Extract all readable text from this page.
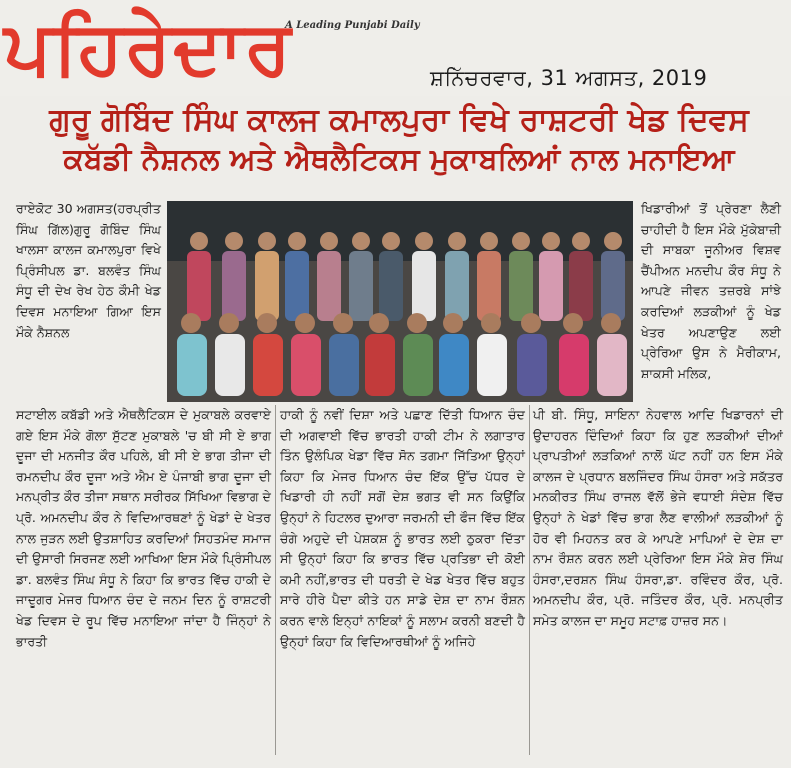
ਪਹਿਰੇਦਾਰ
A Leading Punjabi Daily
ਸ਼ਨਿੱਚਰਵਾਰ, 31 ਅਗਸਤ, 2019
ਗੁਰੂ ਗੋਬਿੰਦ ਸਿੰਘ ਕਾਲਜ ਕਮਾਲਪੁਰਾ ਵਿਖੇ ਰਾਸ਼ਟਰੀ ਖੇਡ ਦਿਵਸ
ਕਬੱਡੀ ਨੈਸ਼ਨਲ ਅਤੇ ਐਥਲੈਟਿਕਸ ਮੁਕਾਬਲਿਆਂ ਨਾਲ ਮਨਾਇਆ

ਰਾਏਕੋਟ 30 ਅਗਸਤ(ਹਰਪ੍ਰੀਤ ਸਿੰਘ ਗਿੱਲ)ਗੁਰੂ ਗੋਬਿੰਦ ਸਿੰਘ ਖਾਲਸਾ ਕਾਲਜ ਕਮਾਲਪੁਰਾ ਵਿਖੇ ਪ੍ਰਿੰਸੀਪਲ ਡਾ. ਬਲਵੰਤ ਸਿੰਘ ਸੰਧੂ ਦੀ ਦੇਖ ਰੇਖ ਹੇਠ ਕੌਮੀ ਖੇਡ ਦਿਵਸ ਮਨਾਇਆ ਗਿਆ ਇਸ ਮੌਕੇ ਨੈਸ਼ਨਲ

ਸਟਾਈਲ ਕਬੱਡੀ ਅਤੇ ਐਥਲੈਟਿਕਸ ਦੇ ਮੁਕਾਬਲੇ ਕਰਵਾਏ ਗਏ ਇਸ ਮੌਕੇ ਗੋਲਾ ਸੁੱਟਣ ਮੁਕਾਬਲੇ 'ਚ ਬੀ ਸੀ ਏ ਭਾਗ ਦੂਜਾ ਦੀ ਮਨਜੀਤ ਕੌਰ ਪਹਿਲੇ, ਬੀ ਸੀ ਏ ਭਾਗ ਤੀਜਾ ਦੀ ਰਮਨਦੀਪ ਕੌਰ ਦੂਜਾ ਅਤੇ ਐਮ ਏ ਪੰਜਾਬੀ ਭਾਗ ਦੂਜਾ ਦੀ ਮਨਪ੍ਰੀਤ ਕੌਰ ਤੀਜਾ ਸਥਾਨ ਸਰੀਰਕ ਸਿੱਖਿਆ ਵਿਭਾਗ ਦੇ ਪ੍ਰੋ. ਅਮਨਦੀਪ ਕੌਰ ਨੇ ਵਿਦਿਆਰਥਣਾਂ ਨੂੰ ਖੇਡਾਂ ਦੇ ਖੇਤਰ ਨਾਲ ਜੁੜਨ ਲਈ ਉਤਸ਼ਾਹਿਤ ਕਰਦਿਆਂ ਸਿਹਤਮੰਦ ਸਮਾਜ ਦੀ ਉਸਾਰੀ ਸਿਰਜਣ ਲਈ ਆਖਿਆ ਇਸ ਮੌਕੇ ਪ੍ਰਿੰਸੀਪਲ ਡਾ. ਬਲਵੰਤ ਸਿੰਘ ਸੰਧੂ ਨੇ ਕਿਹਾ ਕਿ ਭਾਰਤ ਵਿੱਚ ਹਾਕੀ ਦੇ ਜਾਦੂਗਰ ਮੇਜਰ ਧਿਆਨ ਚੰਦ ਦੇ ਜਨਮ ਦਿਨ ਨੂੰ ਰਾਸ਼ਟਰੀ ਖੇਡ ਦਿਵਸ ਦੇ ਰੂਪ ਵਿੱਚ ਮਨਾਇਆ ਜਾਂਦਾ ਹੈ ਜਿੰਨ੍ਹਾਂ ਨੇ ਭਾਰਤੀ

ਹਾਕੀ ਨੂੰ ਨਵੀਂ ਦਿਸ਼ਾ ਅਤੇ ਪਛਾਣ ਦਿੱਤੀ ਧਿਆਨ ਚੰਦ ਦੀ ਅਗਵਾਈ ਵਿੱਚ ਭਾਰਤੀ ਹਾਕੀ ਟੀਮ ਨੇ ਲਗਾਤਾਰ ਤਿੰਨ ਉਲੰਪਿਕ ਖੇਡਾ ਵਿੱਚ ਸੋਨ ਤਗਮਾ ਜਿੱਤਿਆ ਉਨ੍ਹਾਂ ਕਿਹਾ ਕਿ ਮੇਜਰ ਧਿਆਨ ਚੰਦ ਇੱਕ ਉੱਚ ਪੱਧਰ ਦੇ ਖਿਡਾਰੀ ਹੀ ਨਹੀਂ ਸਗੋਂ ਦੇਸ਼ ਭਗਤ ਵੀ ਸਨ ਕਿਉਂਕਿ ਉਨ੍ਹਾਂ ਨੇ ਹਿਟਲਰ ਦੁਆਰਾ ਜਰਮਨੀ ਦੀ ਫੌਜ ਵਿੱਚ ਇੱਕ ਚੰਗੇ ਅਹੁਦੇ ਦੀ ਪੇਸ਼ਕਸ਼ ਨੂੰ ਭਾਰਤ ਲਈ ਠੁਕਰਾ ਦਿੱਤਾ ਸੀ ਉਨ੍ਹਾਂ ਕਿਹਾ ਕਿ ਭਾਰਤ ਵਿੱਚ ਪ੍ਰਤਿਭਾ ਦੀ ਕੋਈ ਕਮੀ ਨਹੀਂ,ਭਾਰਤ ਦੀ ਧਰਤੀ ਦੇ ਖੇਡ ਖੇਤਰ ਵਿੱਚ ਬਹੁਤ ਸਾਰੇ ਹੀਰੇ ਪੈਦਾ ਕੀਤੇ ਹਨ ਸਾਡੇ ਦੇਸ਼ ਦਾ ਨਾਮ ਰੌਸ਼ਨ ਕਰਨ ਵਾਲੇ ਇਨ੍ਹਾਂ ਨਾਇਕਾਂ ਨੂੰ ਸਲਾਮ ਕਰਨੀ ਬਣਦੀ ਹੈ ਉਨ੍ਹਾਂ ਕਿਹਾ ਕਿ ਵਿਦਿਆਰਥੀਆਂ ਨੂੰ ਅਜਿਹੇ

ਖਿਡਾਰੀਆਂ ਤੋਂ ਪ੍ਰੇਰਣਾ ਲੈਣੀ ਚਾਹੀਦੀ ਹੈ ਇਸ ਮੌਕੇ ਮੁੱਕੇਬਾਜ਼ੀ ਦੀ ਸਾਬਕਾ ਜੂਨੀਅਰ ਵਿਸ਼ਵ ਚੈਂਪੀਅਨ ਮਨਦੀਪ ਕੌਰ ਸੰਧੂ ਨੇ ਆਪਣੇ ਜੀਵਨ ਤਜ਼ਰਬੇ ਸਾਂਝੇ ਕਰਦਿਆਂ ਲੜਕੀਆਂ ਨੂੰ ਖੇਡ ਖੇਤਰ ਅਪਣਾਉਣ ਲਈ ਪ੍ਰੇਰਿਆ ਉਸ ਨੇ ਮੈਰੀਕਾਮ, ਸ਼ਾਕਸੀ ਮਲਿਕ,

ਪੀ ਬੀ. ਸਿੰਧੂ, ਸਾਇਨਾ ਨੇਹਵਾਲ ਆਦਿ ਖਿਡਾਰਨਾਂ ਦੀ ਉਦਾਹਰਨ ਦਿੰਦਿਆਂ ਕਿਹਾ ਕਿ ਹੁਣ ਲੜਕੀਆਂ ਦੀਆਂ ਪ੍ਰਾਪਤੀਆਂ ਲੜਕਿਆਂ ਨਾਲੋਂ ਘੱਟ ਨਹੀਂ ਹਨ ਇਸ ਮੌਕੇ ਕਾਲਜ ਦੇ ਪ੍ਰਧਾਨ ਬਲਜਿੰਦਰ ਸਿੰਘ ਹੰਸਰਾ ਅਤੇ ਸਕੱਤਰ ਮਨਕੀਰਤ ਸਿੰਘ ਰਾਜਲ ਵੱਲੋਂ ਭੇਜੇ ਵਧਾਈ ਸੰਦੇਸ਼ ਵਿੱਚ ਉਨ੍ਹਾਂ ਨੇ ਖੇਡਾਂ ਵਿੱਚ ਭਾਗ ਲੈਣ ਵਾਲੀਆਂ ਲੜਕੀਆਂ ਨੂੰ ਹੋਰ ਵੀ ਮਿਹਨਤ ਕਰ ਕੇ ਆਪਣੇ ਮਾਪਿਆਂ ਦੇ ਦੇਸ਼ ਦਾ ਨਾਮ ਰੌਸ਼ਨ ਕਰਨ ਲਈ ਪ੍ਰੇਰਿਆ ਇਸ ਮੌਕੇ ਸ਼ੇਰ ਸਿੰਘ ਹੰਸਰਾ,ਦਰਸ਼ਨ ਸਿੰਘ ਹੰਸਰਾ,ਡਾ. ਰਵਿੰਦਰ ਕੌਰ, ਪ੍ਰੋ. ਅਮਨਦੀਪ ਕੌਰ, ਪ੍ਰੋ. ਜਤਿੰਦਰ ਕੌਰ, ਪ੍ਰੋ. ਮਨਪ੍ਰੀਤ ਸਮੇਤ ਕਾਲਜ ਦਾ ਸਮੂਹ ਸਟਾਫ਼ ਹਾਜ਼ਰ ਸਨ।
